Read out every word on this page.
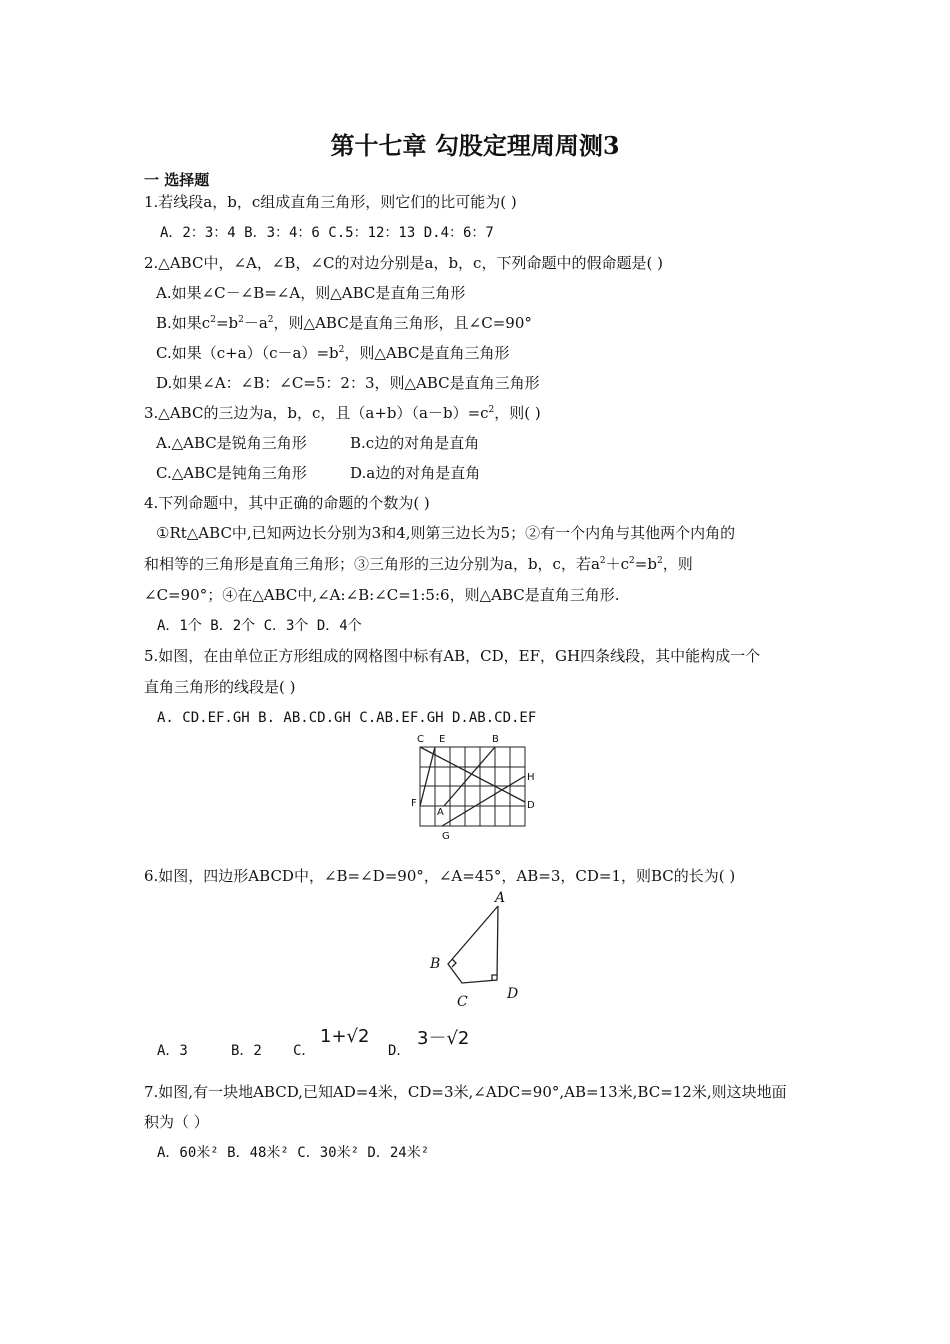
第十七章 勾股定理周周测3
一 选择题
1.若线段a，b，c组成直角三角形，则它们的比可能为( )
A．2：3：4 B．3：4：6 C.5：12：13 D.4：6：7
2.△ABC中，∠A，∠B，∠C的对边分别是a，b，c，下列命题中的假命题是( )
A.如果∠C－∠B=∠A，则△ABC是直角三角形
B.如果$c^2=b^2-a^2$，则△ABC是直角三角形，且∠C=90°
C.如果$(c+a)(c-a)=b^2$，则△ABC是直角三角形
D.如果∠A：∠B：∠C=5：2：3，则△ABC是直角三角形
3.△ABC的三边为a，b，c，且$(a+b)(a-b)=c^2$，则( )
A.△ABC是锐角三角形	B.c边的对角是直角
C.△ABC是钝角三角形	D.a边的对角是直角
4.下列命题中，其中正确的命题的个数为( )
①Rt△ABC中,已知两边长分别为3和4,则第三边长为5；②有一个内角与其他两个内角的
和相等的三角形是直角三角形；③三角形的三边分别为a，b，c，若$a^2+c^2=b^2$，则
∠C=90°；④在△ABC中,∠A:∠B:∠C=1:5:6，则△ABC是直角三角形.
A．1个 B．2个 C．3个 D．4个
5.如图，在由单位正方形组成的网格图中标有AB，CD，EF，GH四条线段，其中能构成一个
直角三角形的线段是( )
A. CD.EF.GH B. AB.CD.GH C.AB.EF.GH D.AB.CD.EF
C E	B
H
F
A
D
G
6.如图，四边形ABCD中，∠B=∠D=90°，∠A=45°，AB=3，CD=1，则BC的长为( )
A
B
C	D
A．3	B．2 C．
1+√2
D．
3－√2
7.如图,有一块地ABCD,已知AD=4米，CD=3米,∠ADC=90°,AB=13米,BC=12米,则这块地面
积为（ ）
A．60米² B．48米² C．30米² D．24米²
